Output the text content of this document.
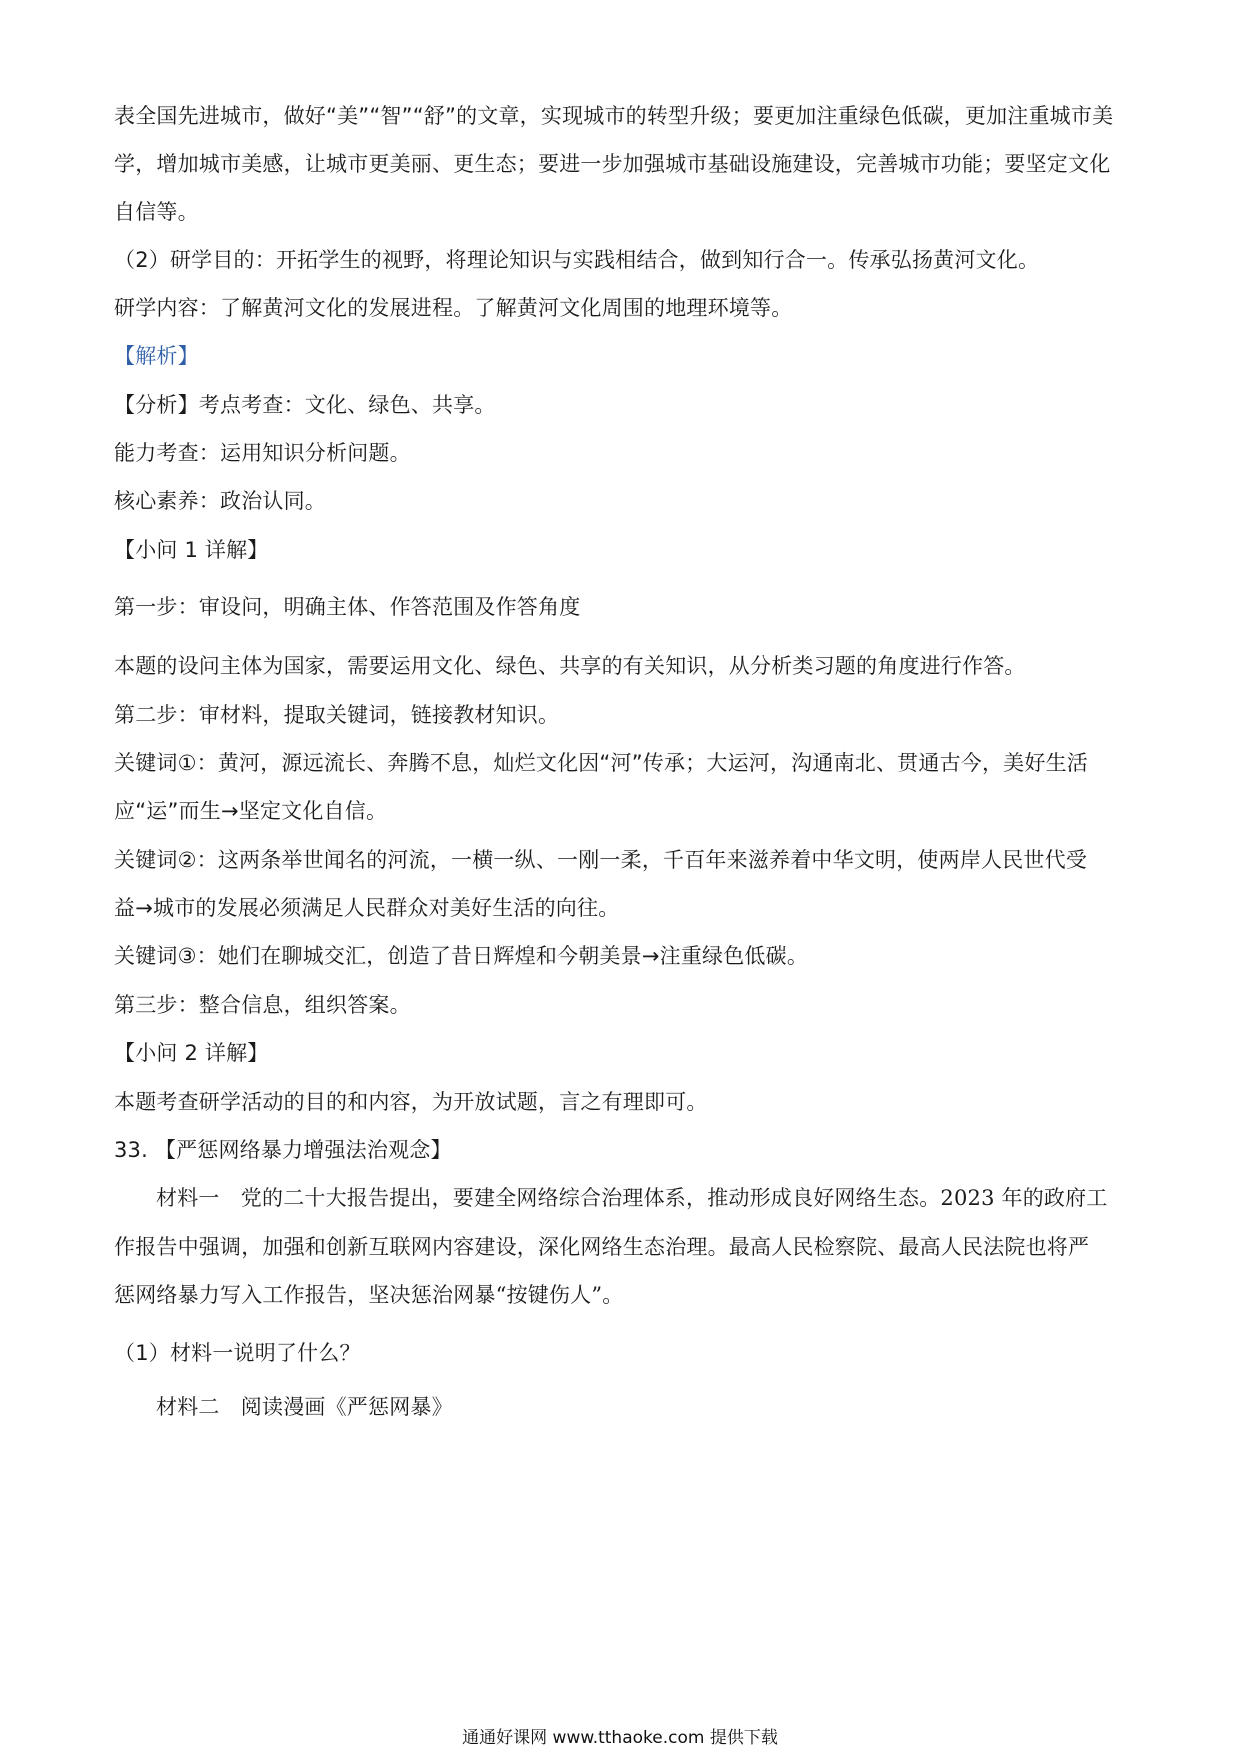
表全国先进城市，做好“美”“智”“舒”的文章，实现城市的转型升级；要更加注重绿色低碳，更加注重城市美
学，增加城市美感，让城市更美丽、更生态；要进一步加强城市基础设施建设，完善城市功能；要坚定文化
自信等。
（2）研学目的：开拓学生的视野，将理论知识与实践相结合，做到知行合一。传承弘扬黄河文化。
研学内容：了解黄河文化的发展进程。了解黄河文化周围的地理环境等。
【解析】
【分析】考点考查：文化、绿色、共享。
能力考查：运用知识分析问题。
核心素养：政治认同。
【小问 1 详解】
第一步：审设问，明确主体、作答范围及作答角度
本题的设问主体为国家，需要运用文化、绿色、共享的有关知识，从分析类习题的角度进行作答。
第二步：审材料，提取关键词，链接教材知识。
关键词①：黄河，源远流长、奔腾不息，灿烂文化因“河”传承；大运河，沟通南北、贯通古今，美好生活
应“运”而生→坚定文化自信。
关键词②：这两条举世闻名的河流，一横一纵、一刚一柔，千百年来滋养着中华文明，使两岸人民世代受
益→城市的发展必须满足人民群众对美好生活的向往。
关键词③：她们在聊城交汇，创造了昔日辉煌和今朝美景→注重绿色低碳。
第三步：整合信息，组织答案。
【小问 2 详解】
本题考查研学活动的目的和内容，为开放试题，言之有理即可。
33. 【严惩网络暴力增强法治观念】
材料一　党的二十大报告提出，要建全网络综合治理体系，推动形成良好网络生态。2023 年的政府工
作报告中强调，加强和创新互联网内容建设，深化网络生态治理。最高人民检察院、最高人民法院也将严
惩网络暴力写入工作报告，坚决惩治网暴“按键伤人”。
（1）材料一说明了什么？
材料二　阅读漫画《严惩网暴》
通通好课网 www.tthaoke.com 提供下载
